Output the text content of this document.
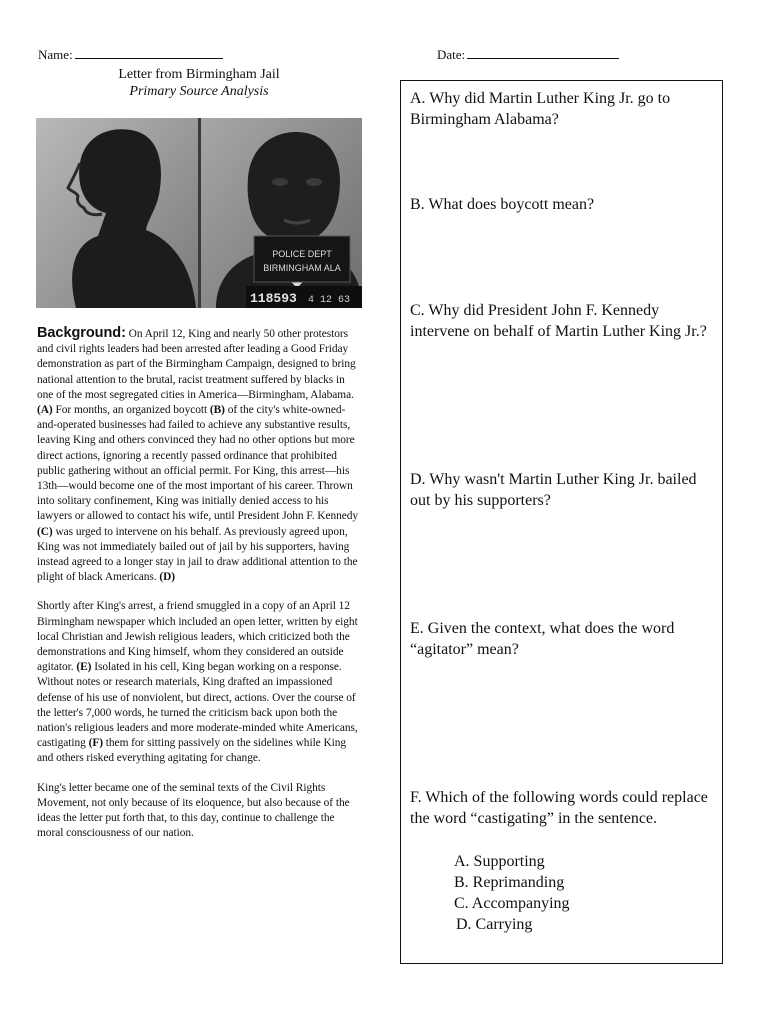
Name:	Date:
Letter from Birmingham Jail
Primary Source Analysis
POLICE DEPT
BIRMINGHAM ALA
118593 4 12 63

Background: On April 12, King and nearly 50 other protestors and civil rights leaders had been arrested after leading a Good Friday demonstration as part of the Birmingham Campaign, designed to bring national attention to the brutal, racist treatment suffered by blacks in one of the most segregated cities in America—Birmingham, Alabama. (A) For months, an organized boycott (B) of the city's white-owned-and-operated businesses had failed to achieve any substantive results, leaving King and others convinced they had no other options but more direct actions, ignoring a recently passed ordinance that prohibited public gathering without an official permit. For King, this arrest—his 13th—would become one of the most important of his career. Thrown into solitary confinement, King was initially denied access to his lawyers or allowed to contact his wife, until President John F. Kennedy (C) was urged to intervene on his behalf. As previously agreed upon, King was not immediately bailed out of jail by his supporters, having instead agreed to a longer stay in jail to draw additional attention to the plight of black Americans. (D)

Shortly after King's arrest, a friend smuggled in a copy of an April 12 Birmingham newspaper which included an open letter, written by eight local Christian and Jewish religious leaders, which criticized both the demonstrations and King himself, whom they considered an outside agitator. (E) Isolated in his cell, King began working on a response. Without notes or research materials, King drafted an impassioned defense of his use of nonviolent, but direct, actions. Over the course of the letter's 7,000 words, he turned the criticism back upon both the nation's religious leaders and more moderate-minded white Americans, castigating (F) them for sitting passively on the sidelines while King and others risked everything agitating for change.

King's letter became one of the seminal texts of the Civil Rights Movement, not only because of its eloquence, but also because of the ideas the letter put forth that, to this day, continue to challenge the moral consciousness of our nation.

A. Why did Martin Luther King Jr. go to Birmingham Alabama?
B. What does boycott mean?
C. Why did President John F. Kennedy intervene on behalf of Martin Luther King Jr.?
D. Why wasn't Martin Luther King Jr. bailed out by his supporters?
E. Given the context, what does the word “agitator” mean?
F. Which of the following words could replace the word “castigating” in the sentence.
A. Supporting
B. Reprimanding
C. Accompanying
D. Carrying
